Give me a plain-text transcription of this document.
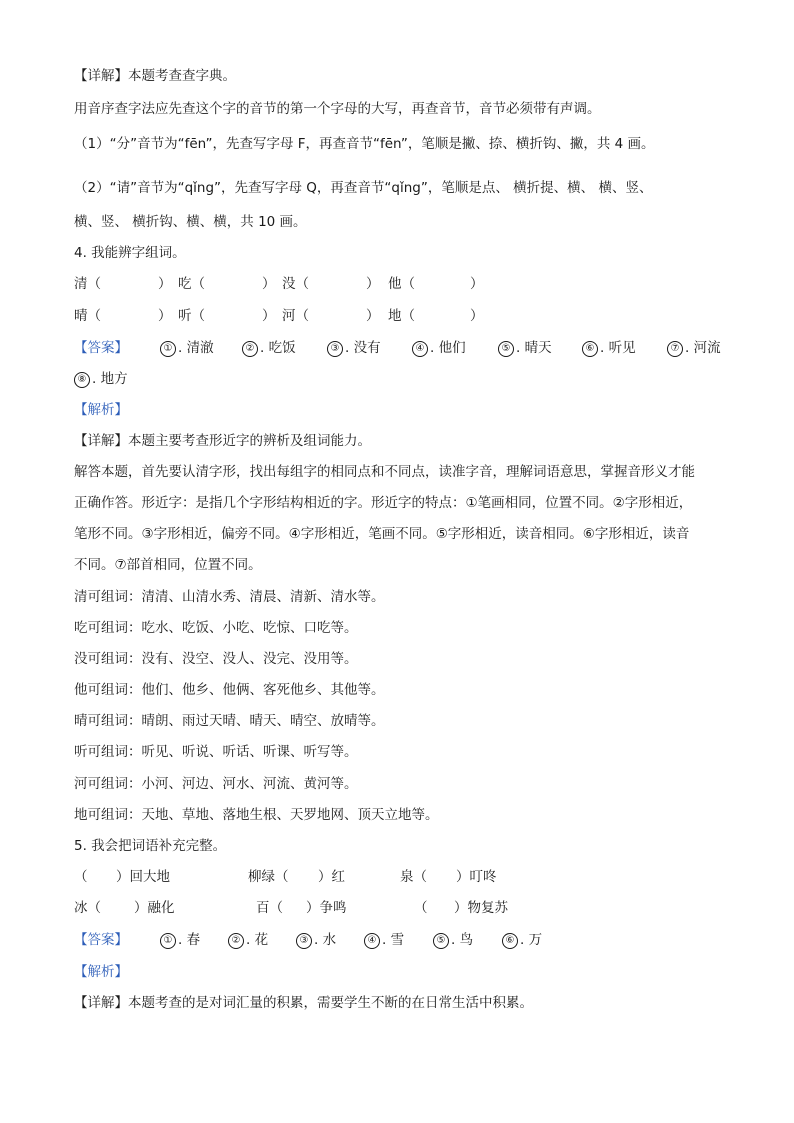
【详解】本题考查查字典。
用音序查字法应先查这个字的音节的第一个字母的大写，再查音节，音节必须带有声调。
（1）“分”音节为“fēn”，先查写字母 F，再查音节“fēn”，笔顺是撇、捺、横折钩、撇，共 4 画。
（2）“请”音节为“qǐng”，先查写字母 Q，再查音节“qǐng”，笔顺是点、 横折提、横、 横、竖、
横、竖、 横折钩、横、横，共 10 画。
4. 我能辨字组词。
清（	） 吃（	） 没（	） 他（	）
晴（	） 听（	） 河（	） 地（	）
【答案】	① . 清澈	② . 吃饭	③ . 没有	④ . 他们	⑤ . 晴天	⑥ . 听见	⑦ . 河流
⑧ . 地方
【解析】
【详解】本题主要考查形近字的辨析及组词能力。
解答本题，首先要认清字形，找出每组字的相同点和不同点，读准字音，理解词语意思，掌握音形义才能
正确作答。形近字：是指几个字形结构相近的字。形近字的特点：①笔画相同，位置不同。②字形相近，
笔形不同。③字形相近，偏旁不同。④字形相近，笔画不同。⑤字形相近，读音相同。⑥字形相近，读音
不同。⑦部首相同，位置不同。
清可组词：清清、山清水秀、清晨、清新、清水等。
吃可组词：吃水、吃饭、小吃、吃惊、口吃等。
没可组词：没有、没空、没人、没完、没用等。
他可组词：他们、他乡、他俩、客死他乡、其他等。
晴可组词：晴朗、雨过天晴、晴天、晴空、放晴等。
听可组词：听见、听说、听话、听课、听写等。
河可组词：小河、河边、河水、河流、黄河等。
地可组词：天地、草地、落地生根、天罗地网、顶天立地等。
5. 我会把词语补充完整。
（ ）回大地	柳绿（ ）红	泉（ ）叮咚
冰（ ）融化	百（ ）争鸣	（ ）物复苏
【答案】	① . 春	② . 花	③ . 水	④ . 雪	⑤ . 鸟	⑥ . 万
【解析】
【详解】本题考查的是对词汇量的积累，需要学生不断的在日常生活中积累。
